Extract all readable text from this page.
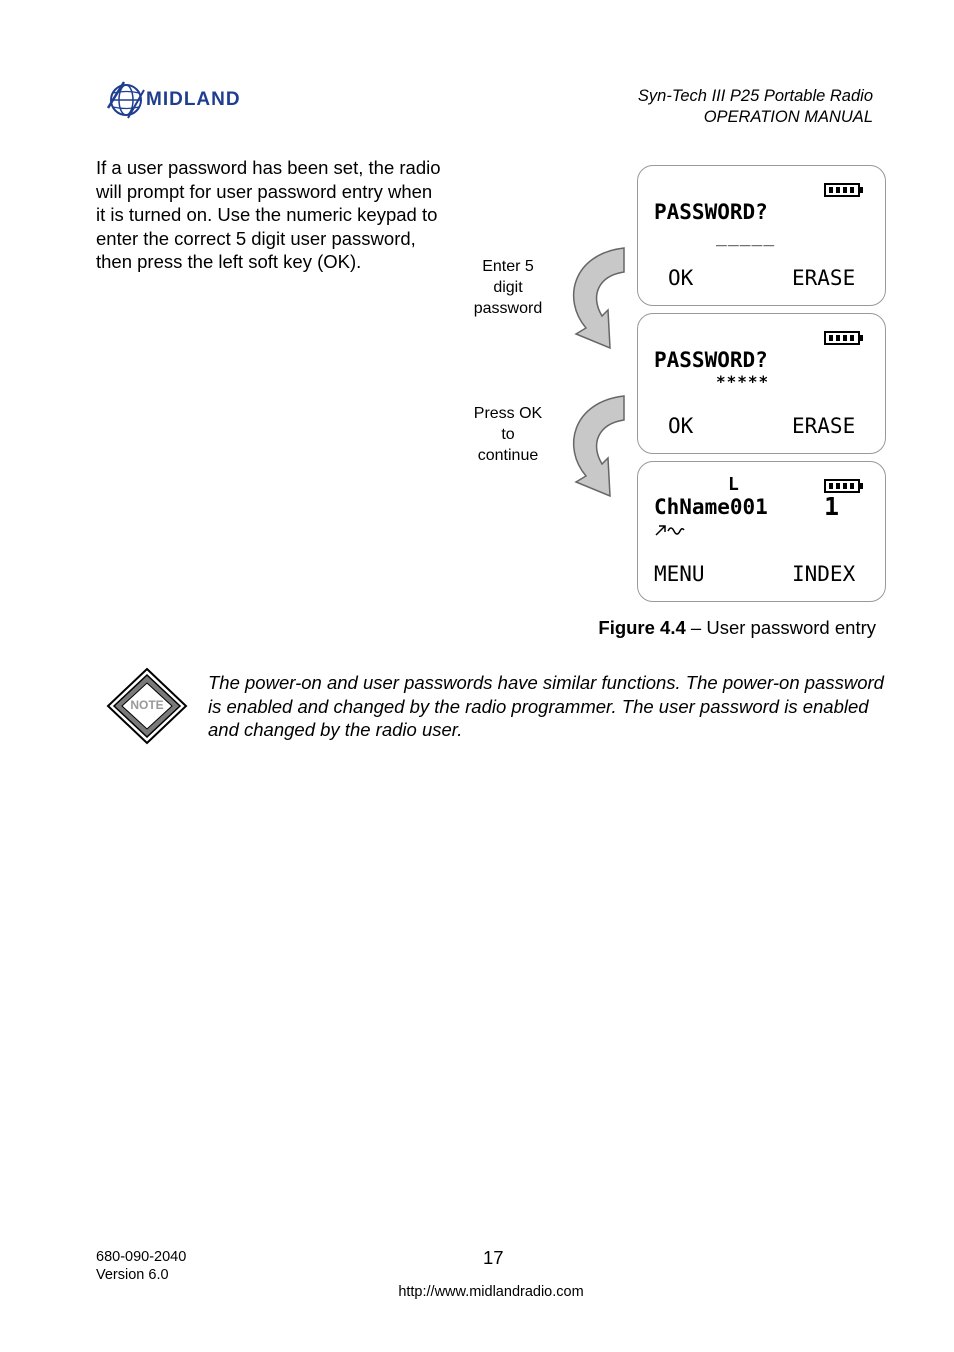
MIDLAND	Syn-Tech III P25 Portable Radio
OPERATION MANUAL
If a user password has been set, the radio will prompt for user password entry when it is turned on. Use the numeric keypad to enter the correct 5 digit user password, then press the left soft key (OK).	Enter 5
digit
password
Press OK
to
continue
PASSWORD?
_____
OK	ERASE
PASSWORD?
*****
OK	ERASE
L
ChName001 1
MENU	INDEX
Figure 4.4 – User password entry
NOTE
The power-on and user passwords have similar functions. The power-on password is enabled and changed by the radio programmer. The user password is enabled and changed by the radio user.
680-090-2040
Version 6.0
17
http://www.midlandradio.com
